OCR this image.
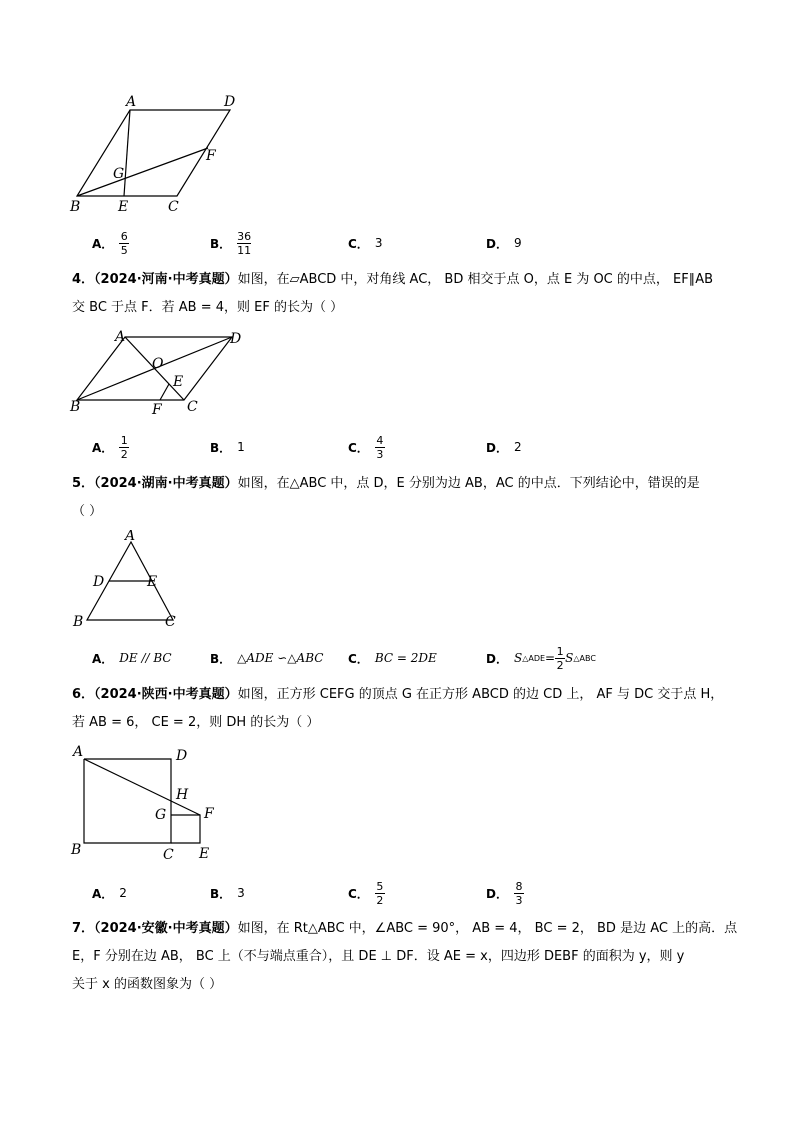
A	D
G
F
B	E	C
A． $\frac{6}{5}$	B． $\frac{36}{11}$	C． 3	D． 9
4．（2024·河南·中考真题）如图，在▱ABCD 中，对角线 AC， BD 相交于点 O，点 E 为 OC 的中点， EF∥AB
交 BC 于点 F．若 AB = 4，则 EF 的长为（ ）
A	D
O
E
B	F C
A． $\frac{1}{2}$	B． 1	C． $\frac{4}{3}$	D． 2
5．（2024·湖南·中考真题）如图，在△ABC 中，点 D，E 分别为边 AB，AC 的中点．下列结论中，错误的是
（ ）
A
D	E
B	C
A． DE // BC	B． △ADE ∽△ABC C． BC = 2DE	D． S △ADE = $\frac{1}{2}$ S △ABC
6．（2024·陕西·中考真题）如图，正方形 CEFG 的顶点 G 在正方形 ABCD 的边 CD 上， AF 与 DC 交于点 H，
若 AB = 6， CE = 2，则 DH 的长为（ ）
A	D
H
G	F
B	C E
A． 2	B． 3	C． $\frac{5}{2}$	D． $\frac{8}{3}$
7．（2024·安徽·中考真题）如图，在 Rt△ABC 中，∠ABC = 90°， AB = 4， BC = 2， BD 是边 AC 上的高．点
E，F 分别在边 AB， BC 上（不与端点重合），且 DE ⊥ DF．设 AE = x，四边形 DEBF 的面积为 y，则 y
关于 x 的函数图象为（ ）
